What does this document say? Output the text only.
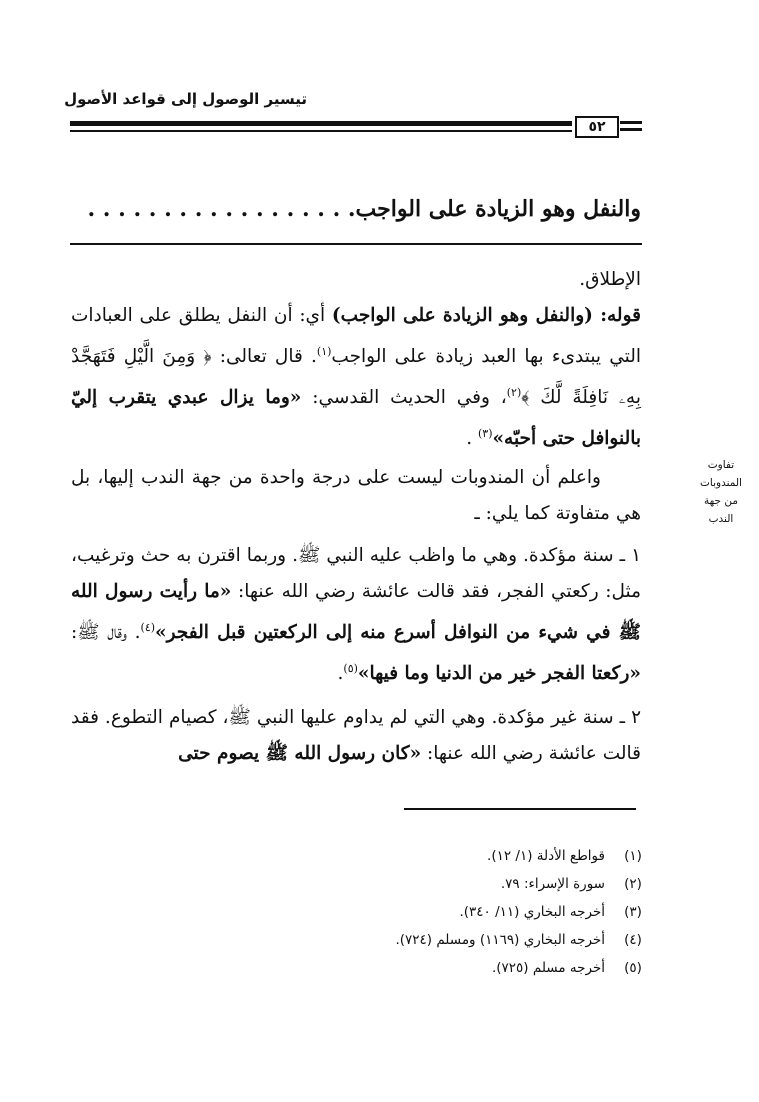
تيسير الوصول إلى قواعد الأصول
٥٢
والنفل وهو الزيادة على الواجب. . . . . . . . . . . . . . . . . .

الإطلاق.

قوله: (والنفل وهو الزيادة على الواجب) أي: أن النفل يطلق على العبادات التي يبتدىء بها العبد زيادة على الواجب$^{(١)}$. قال تعالى: ﴿ وَمِنَ الَّيْلِ فَتَهَجَّدْ بِهِۦ نَافِلَةً لَّكَ ﴾$^{(٢)}$، وفي الحديث القدسي: «وما يزال عبدي يتقرب إليّ بالنوافل حتى أحبّه»$^{(٣)}$ .

واعلم أن المندوبات ليست على درجة واحدة من جهة الندب إليها، بل هي متفاوتة كما يلي: ـ

تفاوت
المندوبات
من جهة
الندب

١ ـ سنة مؤكدة. وهي ما واظب عليه النبي ﷺ. وربما اقترن به حث وترغيب، مثل: ركعتي الفجر، فقد قالت عائشة رضي الله عنها: «ما رأيت رسول الله ﷺ في شيء من النوافل أسرع منه إلى الركعتين قبل الفجر»$^{(٤)}$. وقال ﷺ: «ركعتا الفجر خير من الدنيا وما فيها»$^{(٥)}$.

٢ ـ سنة غير مؤكدة. وهي التي لم يداوم عليها النبي ﷺ، كصيام التطوع. فقد قالت عائشة رضي الله عنها: «كان رسول الله ﷺ يصوم حتى

(١)
قواطع الأدلة (١/ ١٢).
(٢)
سورة الإسراء: ٧٩.
(٣)
أخرجه البخاري (١١/ ٣٤٠).
(٤)
أخرجه البخاري (١١٦٩) ومسلم (٧٢٤).
(٥)
أخرجه مسلم (٧٢٥).
